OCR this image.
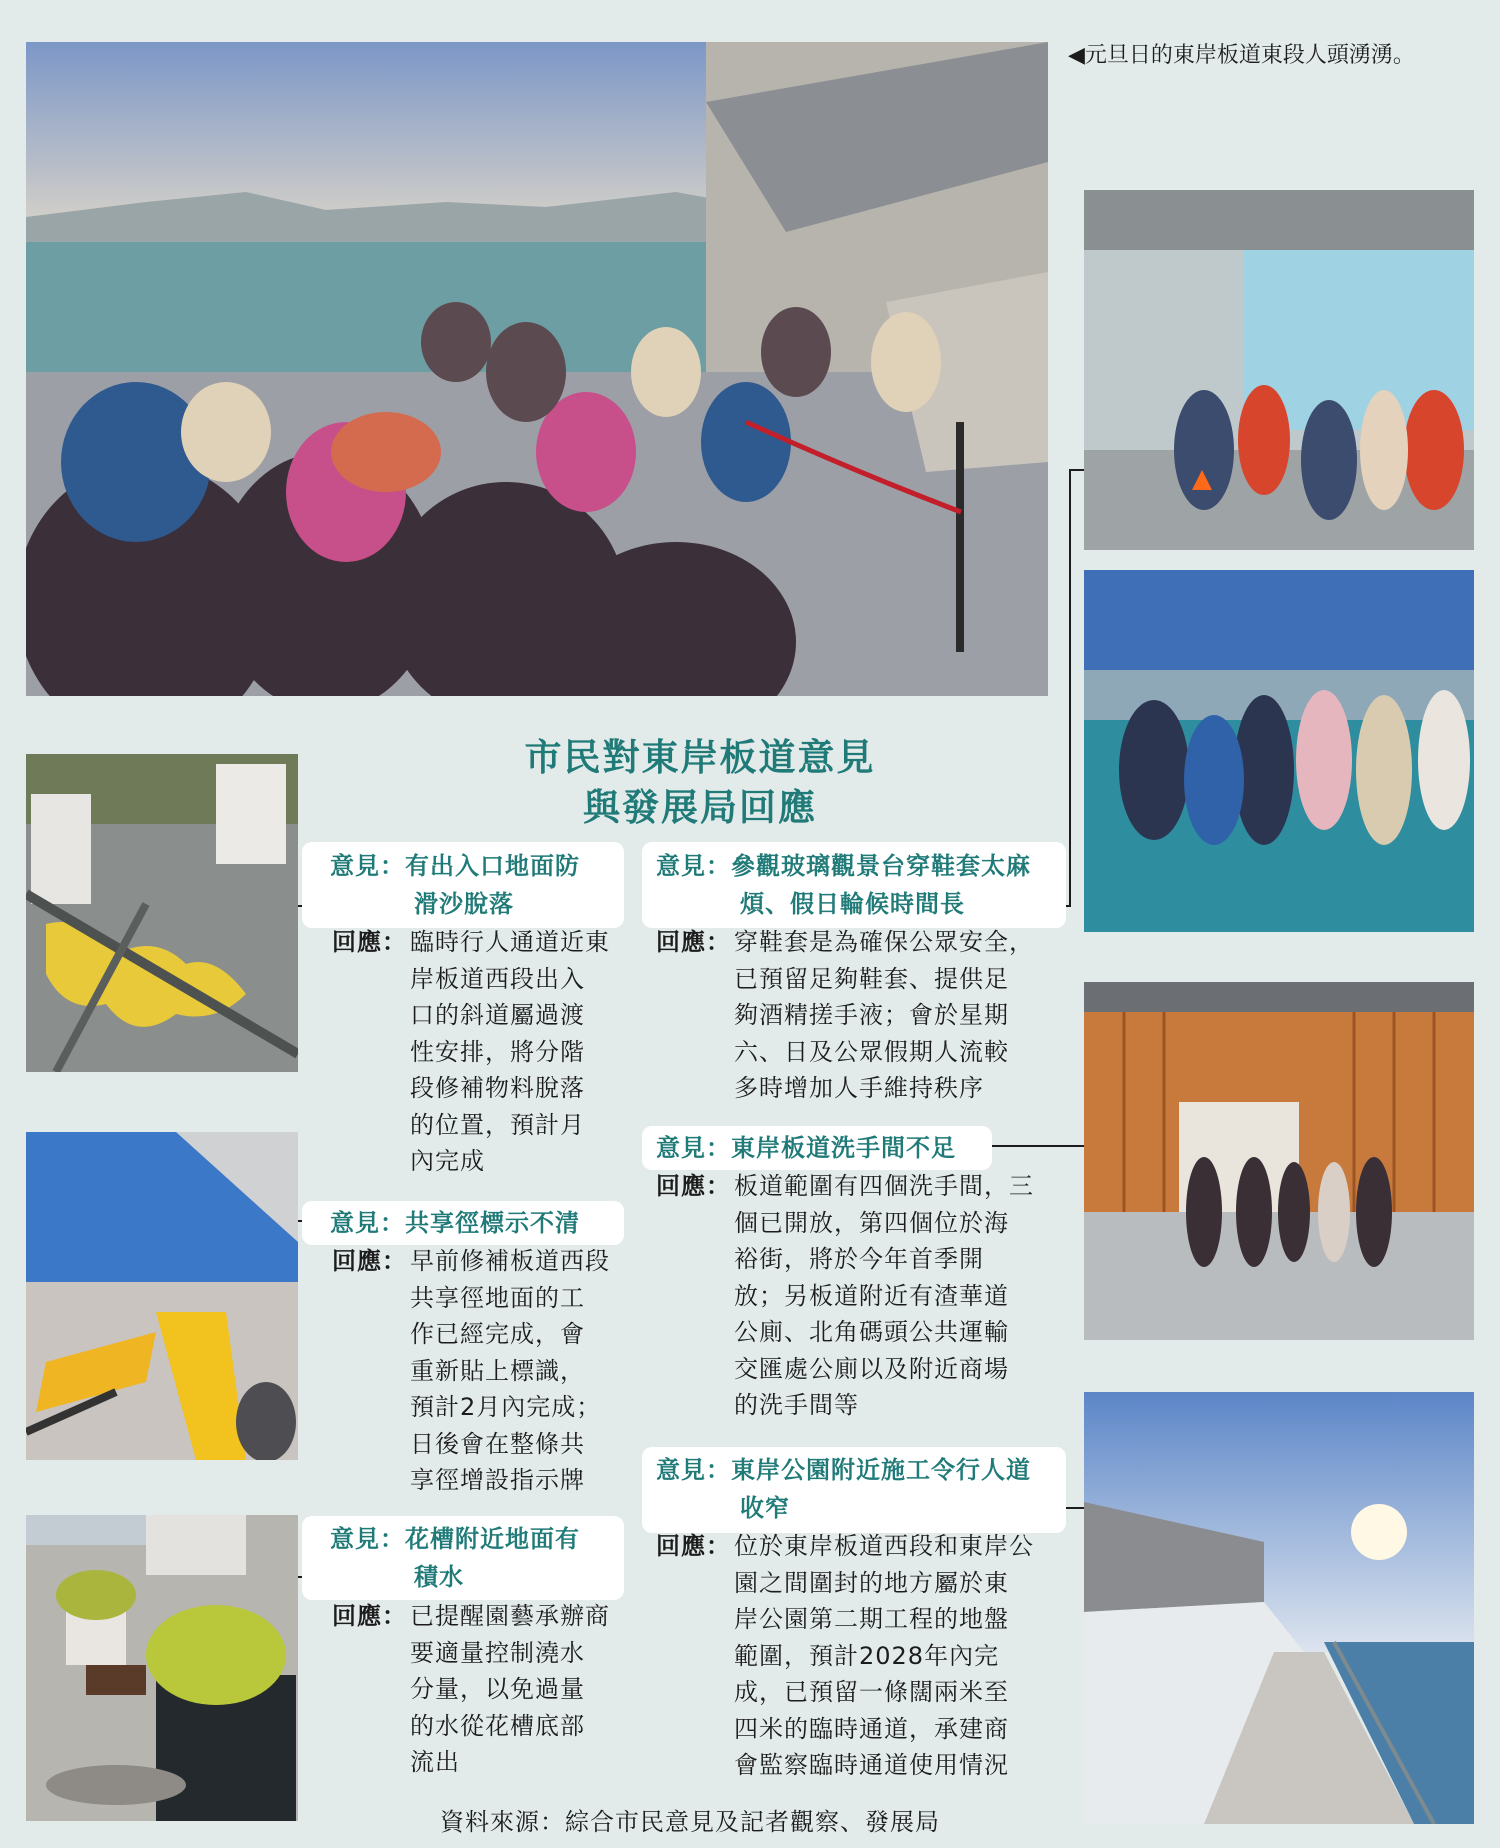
◀元旦日的東岸板道東段人頭湧湧。
市民對東岸板道意見
與發展局回應
意見：有出入口地面防
滑沙脫落
回應： 臨時行人通道近東
岸板道西段出入
口的斜道屬過渡
性安排，將分階
段修補物料脫落
的位置，預計月
內完成
意見：共享徑標示不清
回應： 早前修補板道西段
共享徑地面的工
作已經完成，會
重新貼上標識，
預計2月內完成；
日後會在整條共
享徑增設指示牌
意見：花槽附近地面有
積水
回應： 已提醒園藝承辦商
要適量控制澆水
分量，以免過量
的水從花槽底部
流出
意見：參觀玻璃觀景台穿鞋套太麻
煩、假日輪候時間長
回應： 穿鞋套是為確保公眾安全，
已預留足夠鞋套、提供足
夠酒精搓手液；會於星期
六、日及公眾假期人流較
多時增加人手維持秩序
意見：東岸板道洗手間不足
回應： 板道範圍有四個洗手間，三
個已開放，第四個位於海
裕街，將於今年首季開
放；另板道附近有渣華道
公廁、北角碼頭公共運輸
交匯處公廁以及附近商場
的洗手間等
意見：東岸公園附近施工令行人道
收窄
回應： 位於東岸板道西段和東岸公
園之間圍封的地方屬於東
岸公園第二期工程的地盤
範圍，預計2028年內完
成，已預留一條闊兩米至
四米的臨時通道，承建商
會監察臨時通道使用情況
資料來源：綜合市民意見及記者觀察、發展局
